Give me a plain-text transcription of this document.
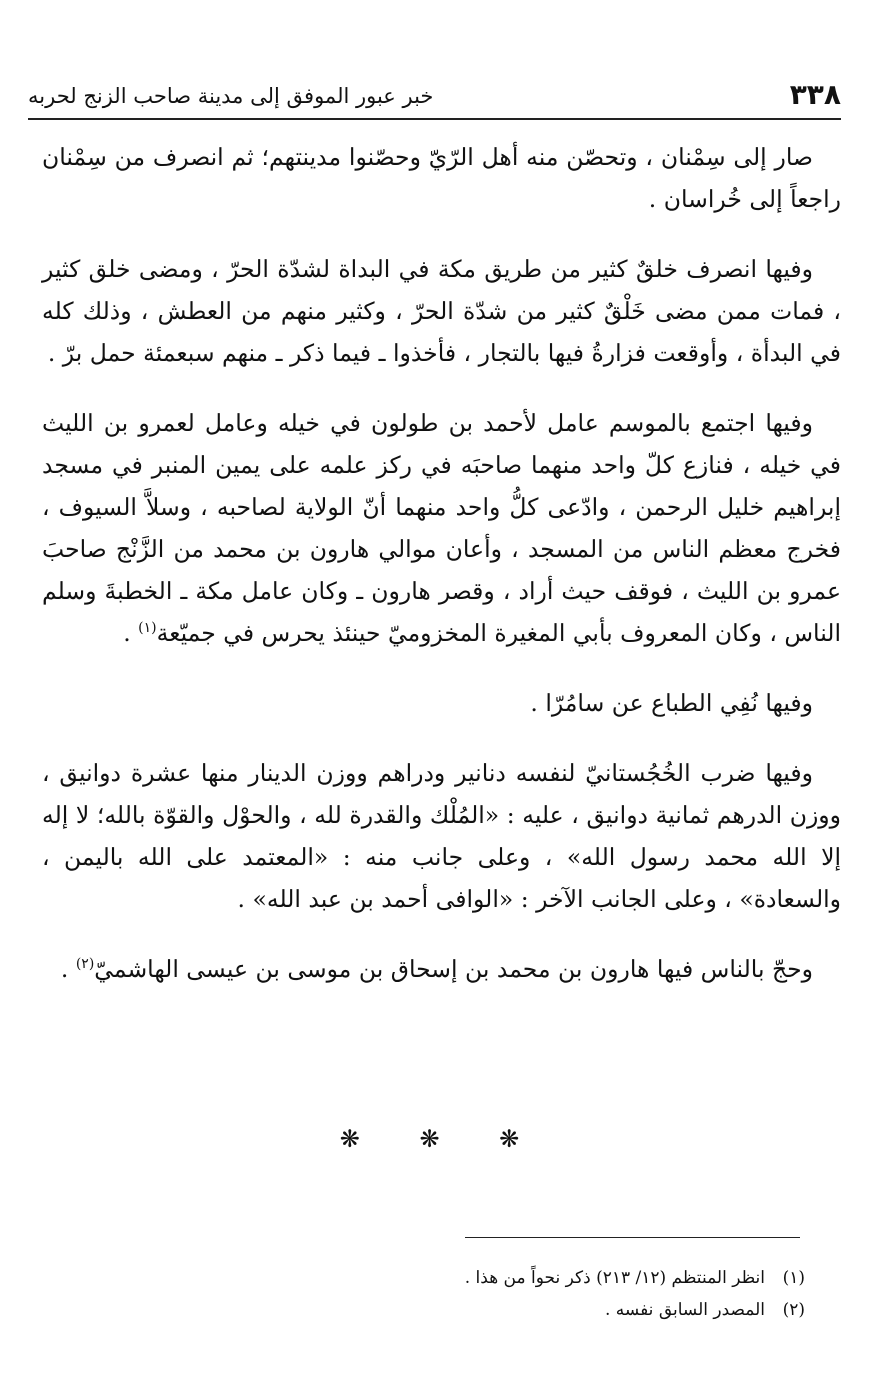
٣٣٨
خبر عبور الموفق إلى مدينة صاحب الزنج لحربه

صار إلى سِمْنان ، وتحصّن منه أهل الرّيّ وحصّنوا مدينتهم؛ ثم انصرف من سِمْنان راجعاً إلى خُراسان .

وفيها انصرف خلقٌ كثير من طريق مكة في البداة لشدّة الحرّ ، ومضى خلق كثير ، فمات ممن مضى خَلْقٌ كثير من شدّة الحرّ ، وكثير منهم من العطش ، وذلك كله في البدأة ، وأوقعت فزارةُ فيها بالتجار ، فأخذوا ـ فيما ذكر ـ منهم سبعمئة حمل برّ .

وفيها اجتمع بالموسم عامل لأحمد بن طولون في خيله وعامل لعمرو بن الليث في خيله ، فنازع كلّ واحد منهما صاحبَه في ركز علمه على يمين المنبر في مسجد إبراهيم خليل الرحمن ، وادّعى كلُّ واحد منهما أنّ الولاية لصاحبه ، وسلاَّ السيوف ، فخرج معظم الناس من المسجد ، وأعان موالي هارون بن محمد من الزَّنْج صاحبَ عمرو بن الليث ، فوقف حيث أراد ، وقصر هارون ـ وكان عامل مكة ـ الخطبةَ وسلم الناس ، وكان المعروف بأبي المغيرة المخزوميّ حينئذ يحرس في جميّعة$^{(١)}$ .

وفيها نُفِي الطباع عن سامُرّا .

وفيها ضرب الخُجُستانيّ لنفسه دنانير ودراهم ووزن الدينار منها عشرة دوانيق ، ووزن الدرهم ثمانية دوانيق ، عليه : «المُلْك والقدرة لله ، والحوْل والقوّة بالله؛ لا إله إلا الله محمد رسول الله» ، وعلى جانب منه : «المعتمد على الله باليمن ، والسعادة» ، وعلى الجانب الآخر : «الوافى أحمد بن عبد الله» .

وحجّ بالناس فيها هارون بن محمد بن إسحاق بن موسى بن عيسى الهاشميّ$^{(٢)}$ .

❋ ❋ ❋
(١)
انظر المنتظم (١٢/ ٢١٣) ذكر نحواً من هذا .
(٢)
المصدر السابق نفسه .
